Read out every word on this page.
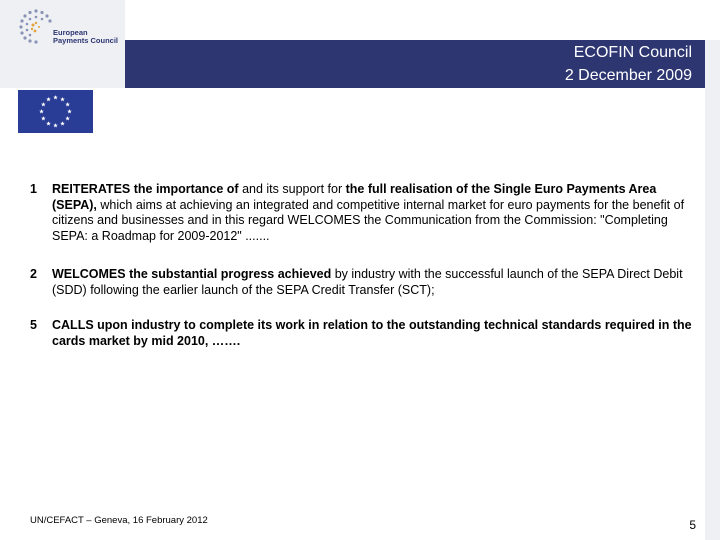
European
Payments Council
ECOFIN Council
2 December 2009
1 REITERATES the importance of and its support for the full realisation of the Single Euro Payments Area (SEPA), which aims at achieving an integrated and competitive internal market for euro payments for the benefit of citizens and businesses and in this regard WELCOMES the Communication from the Commission: "Completing SEPA: a Roadmap for 2009-2012" .......
2 WELCOMES the substantial progress achieved by industry with the successful launch of the SEPA Direct Debit (SDD) following the earlier launch of the SEPA Credit Transfer (SCT);
5 CALLS upon industry to complete its work in relation to the outstanding technical standards required in the cards market by mid 2010, …….
UN/CEFACT – Geneva, 16 February 2012	5
